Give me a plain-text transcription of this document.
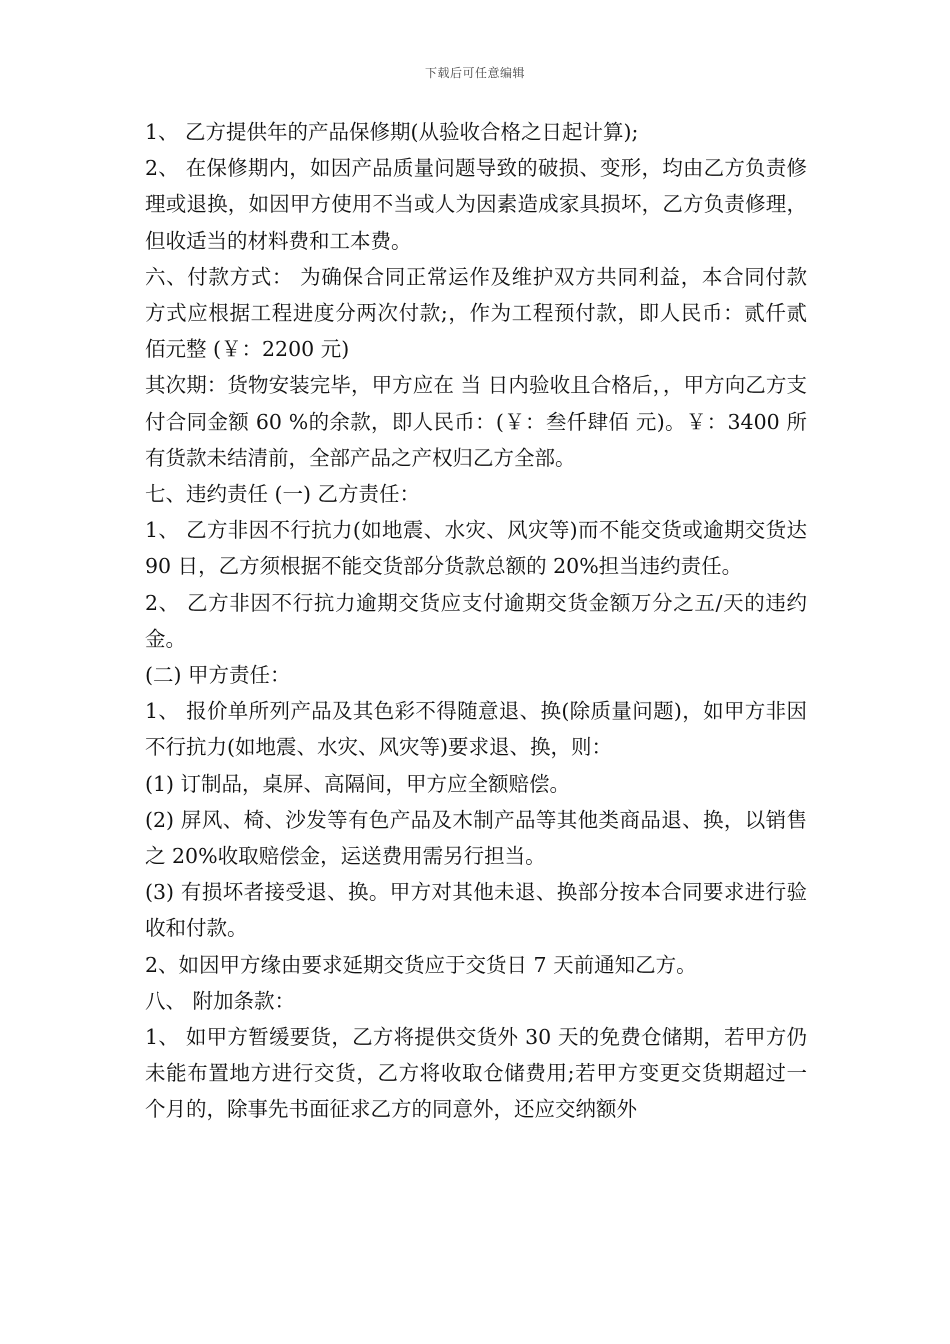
下载后可任意编辑

1、 乙方提供年的产品保修期(从验收合格之日起计算);

2、 在保修期内，如因产品质量问题导致的破损、变形，均由乙方负责修理或退换，如因甲方使用不当或人为因素造成家具损坏，乙方负责修理，但收适当的材料费和工本费。

六、付款方式： 为确保合同正常运作及维护双方共同利益，本合同付款方式应根据工程进度分两次付款;，作为工程预付款，即人民币：贰仟贰佰元整 (￥：2200 元)

其次期：货物安装完毕，甲方应在 当 日内验收且合格后，，甲方向乙方支付合同金额 60 %的余款，即人民币：(￥：叁仟肆佰 元)。￥：3400 所有货款未结清前，全部产品之产权归乙方全部。

七、违约责任 (一) 乙方责任：

1、 乙方非因不行抗力(如地震、水灾、风灾等)而不能交货或逾期交货达 90 日，乙方须根据不能交货部分货款总额的 20%担当违约责任。

2、 乙方非因不行抗力逾期交货应支付逾期交货金额万分之五/天的违约金。

(二) 甲方责任：

1、 报价单所列产品及其色彩不得随意退、换(除质量问题)，如甲方非因不行抗力(如地震、水灾、风灾等)要求退、换，则：

(1) 订制品，桌屏、高隔间，甲方应全额赔偿。

(2) 屏风、椅、沙发等有色产品及木制产品等其他类商品退、换，以销售之 20%收取赔偿金，运送费用需另行担当。

(3) 有损坏者接受退、换。甲方对其他未退、换部分按本合同要求进行验收和付款。

2、如因甲方缘由要求延期交货应于交货日 7 天前通知乙方。

八、 附加条款：

1、 如甲方暂缓要货，乙方将提供交货外 30 天的免费仓储期，若甲方仍未能布置地方进行交货，乙方将收取仓储费用;若甲方变更交货期超过一个月的，除事先书面征求乙方的同意外，还应交纳额外
